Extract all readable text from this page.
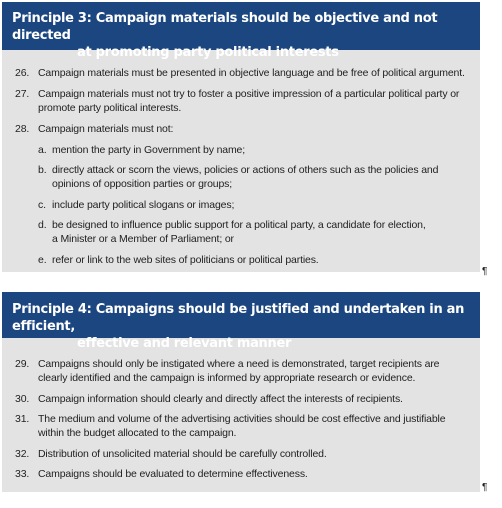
Principle 3: Campaign materials should be objective and not directed
at promoting party political interests
26. Campaign materials must be presented in objective language and be free of political argument.
27. Campaign materials must not try to foster a positive impression of a particular political party or
promote party political interests.
28. Campaign materials must not:
a. mention the party in Government by name;
b. directly attack or scorn the views, policies or actions of others such as the policies and
opinions of opposition parties or groups;
c. include party political slogans or images;
d. be designed to influence public support for a political party, a candidate for election,
a Minister or a Member of Parliament; or
e. refer or link to the web sites of politicians or political parties.
¶
Principle 4: Campaigns should be justified and undertaken in an efficient,
effective and relevant manner
29. Campaigns should only be instigated where a need is demonstrated, target recipients are
clearly identified and the campaign is informed by appropriate research or evidence.
30. Campaign information should clearly and directly affect the interests of recipients.
31. The medium and volume of the advertising activities should be cost effective and justifiable
within the budget allocated to the campaign.
32. Distribution of unsolicited material should be carefully controlled.
33. Campaigns should be evaluated to determine effectiveness.
¶
